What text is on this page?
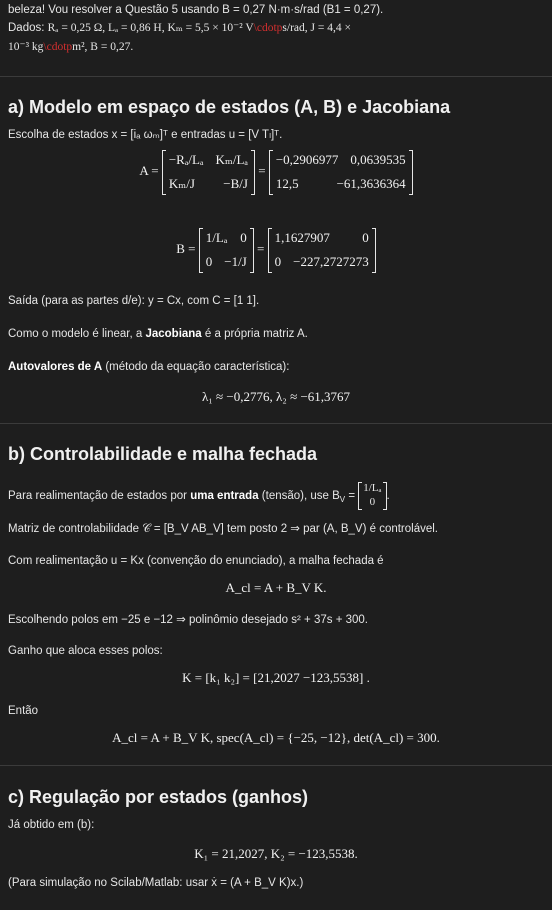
beleza! Vou resolver a Questão 5 usando B = 0,27 N·m·s/rad (B1 = 0,27).
Dados: Rₐ = 0,25 Ω, Lₐ = 0,86 H, Kₘ = 5,5 × 10⁻² V\cdotps/rad, J = 4,4 ×
10⁻³ kg\cdotpm², B = 0,27.
a) Modelo em espaço de estados (A, B) e Jacobiana
Escolha de estados x = [iₐ ωₘ]ᵀ e entradas u = [V Tₗ]ᵀ.
A =
−Rₐ/Lₐ Kₘ/Lₐ
Kₘ/J −B/J
=
−0,2906977 0,0639535
12,5	−61,3636364
B =
1/Lₐ 0
0 −1/J
=
1,1627907 0
0 −227,2727273
Saída (para as partes d/e): y = Cx, com C = [1 1].
Como o modelo é linear, a Jacobiana é a própria matriz A.
Autovalores de A (método da equação característica):
λ₁ ≈ −0,2776, λ₂ ≈ −61,3767
b) Controlabilidade e malha fechada
Para realimentação de estados por uma entrada (tensão), use $B_V$ =
1/Lₐ
0 .
Matriz de controlabilidade 𝒞 = [B_V AB_V] tem posto 2 ⇒ par (A, B_V) é controlável.
Com realimentação u = Kx (convenção do enunciado), a malha fechada é
A_cl = A + B_V K.
Escolhendo polos em −25 e −12 ⇒ polinômio desejado s² + 37s + 300.
Ganho que aloca esses polos:
K = [k₁ k₂] = [21,2027 −123,5538] .
Então
A_cl = A + B_V K, spec(A_cl) = {−25, −12}, det(A_cl) = 300.
c) Regulação por estados (ganhos)
Já obtido em (b):
K₁ = 21,2027, K₂ = −123,5538.
(Para simulação no Scilab/Matlab: usar ẋ = (A + B_V K)x.)
